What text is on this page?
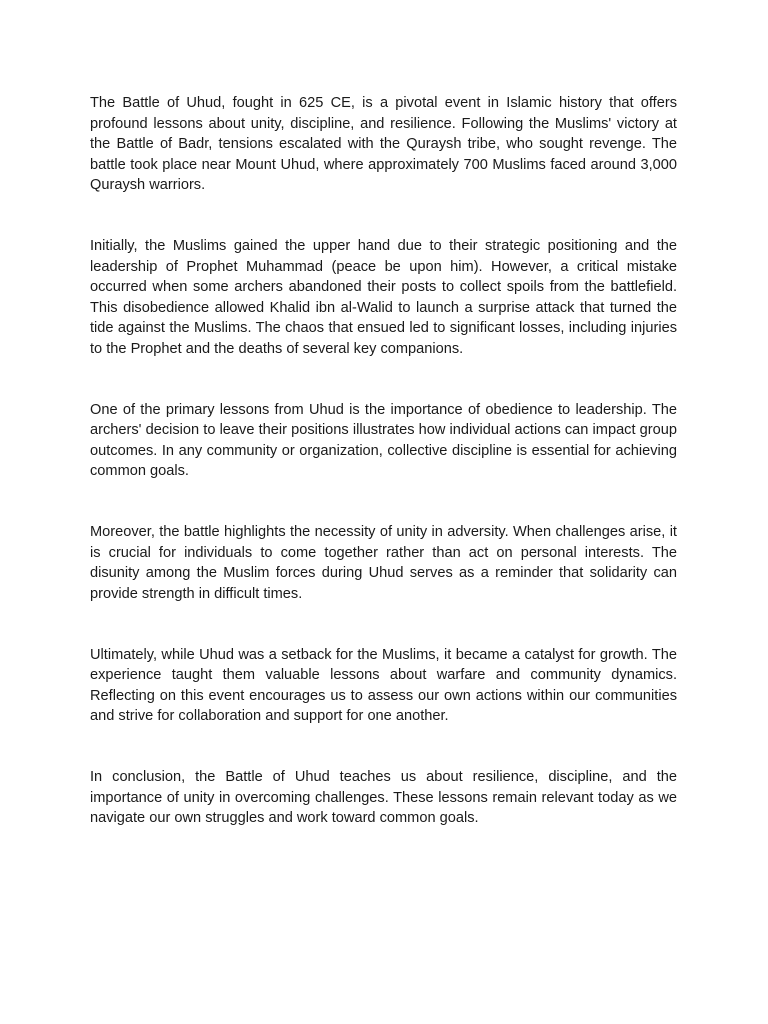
The Battle of Uhud, fought in 625 CE, is a pivotal event in Islamic history that offers profound lessons about unity, discipline, and resilience. Following the Muslims' victory at the Battle of Badr, tensions escalated with the Quraysh tribe, who sought revenge. The battle took place near Mount Uhud, where approximately 700 Muslims faced around 3,000 Quraysh warriors.

Initially, the Muslims gained the upper hand due to their strategic positioning and the leadership of Prophet Muhammad (peace be upon him). However, a critical mistake occurred when some archers abandoned their posts to collect spoils from the battlefield. This disobedience allowed Khalid ibn al-Walid to launch a surprise attack that turned the tide against the Muslims. The chaos that ensued led to significant losses, including injuries to the Prophet and the deaths of several key companions.

One of the primary lessons from Uhud is the importance of obedience to leadership. The archers' decision to leave their positions illustrates how individual actions can impact group outcomes. In any community or organization, collective discipline is essential for achieving common goals.

Moreover, the battle highlights the necessity of unity in adversity. When challenges arise, it is crucial for individuals to come together rather than act on personal interests. The disunity among the Muslim forces during Uhud serves as a reminder that solidarity can provide strength in difficult times.

Ultimately, while Uhud was a setback for the Muslims, it became a catalyst for growth. The experience taught them valuable lessons about warfare and community dynamics. Reflecting on this event encourages us to assess our own actions within our communities and strive for collaboration and support for one another.

In conclusion, the Battle of Uhud teaches us about resilience, discipline, and the importance of unity in overcoming challenges. These lessons remain relevant today as we navigate our own struggles and work toward common goals.
